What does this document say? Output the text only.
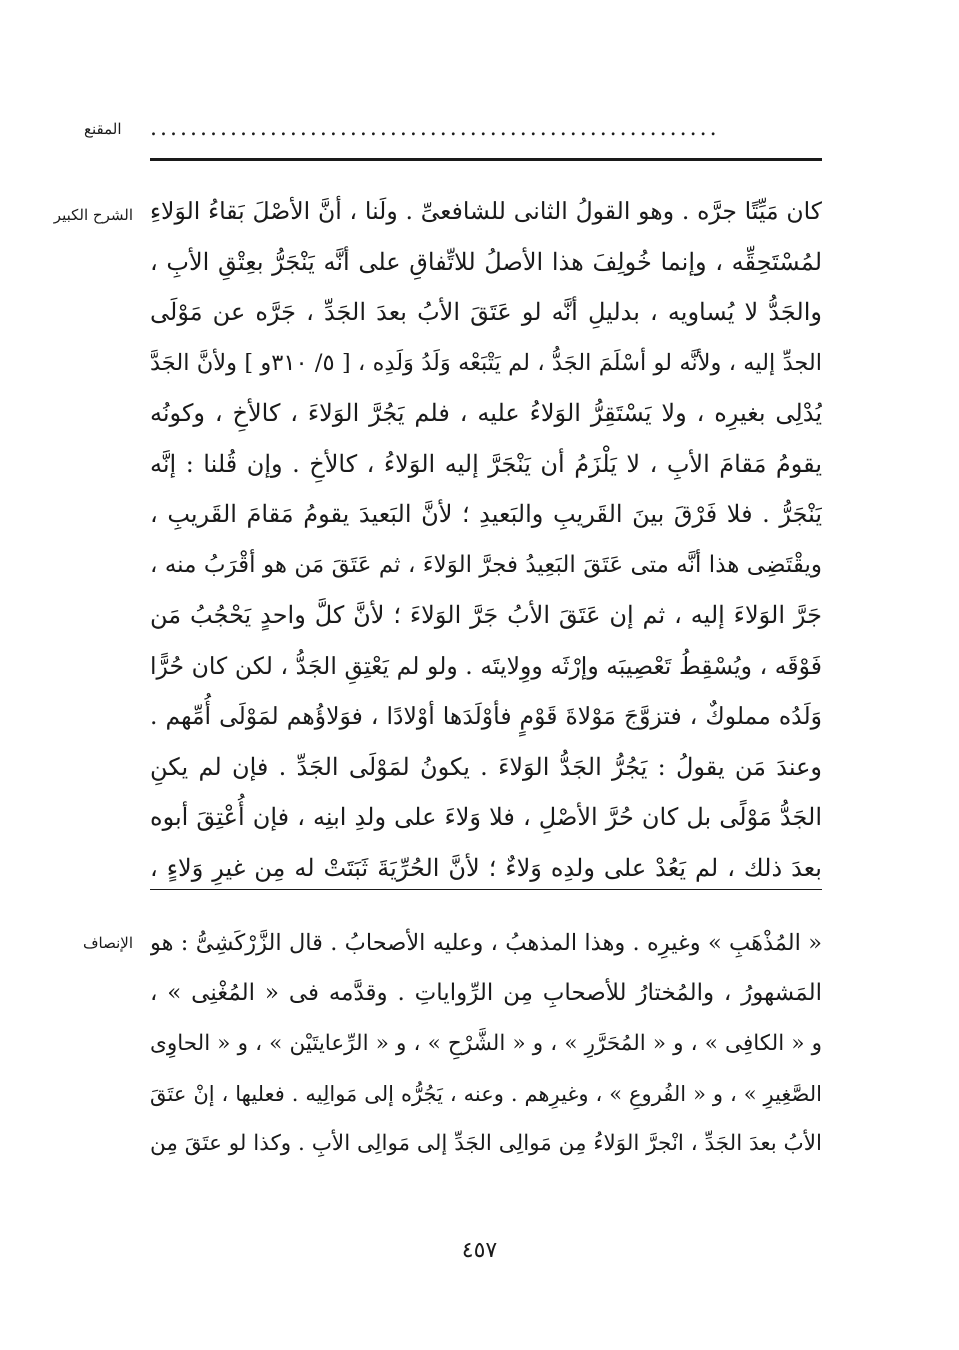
المقنع .........................................................
الشرح الكبير كان مَيِّتًا جرَّه . وهو القولُ الثانى للشافعىِّ . ولَنا ، أنَّ الأصْلَ بَقاءُ الوَلاءِ
لمُسْتَحِقِّه ، وإنما خُولِفَ هذا الأصلُ للاتِّفاقِ على أنَّه يَنْجَرُّ بعِتْقِ الأبِ ،
والجَدُّ لا يُساويه ، بدليلِ أنَّه لو عَتَقَ الأبُ بعدَ الجَدِّ ، جَرَّه عن مَوْلَى
الجدِّ إليه ، ولأنَّه لو أسْلَمَ الجَدُّ ، لم يَتْبَعْه وَلَدُ وَلَدِه ، [ ٥/ ٣١٠و ] ولأنَّ الجَدَّ
يُدْلِى بغيرِه ، ولا يَسْتَقِرُّ الوَلاءُ عليه ، فلم يَجُرَّ الوَلاءَ ، كالأخِ ، وكونُه
يقومُ مَقامَ الأبِ ، لا يَلْزَمُ أن يَنْجَرَّ إليه الوَلاءُ ، كالأخِ . وإن قُلنا : إنَّه
يَنْجَرُّ . فلا فَرْقَ بينَ القَريبِ والبَعيدِ ؛ لأنَّ البَعيدَ يقومُ مَقامَ القَريبِ ،
ويقْتَضِى هذا أنَّه متى عَتَقَ البَعِيدُ فجرَّ الوَلاءَ ، ثم عَتَقَ مَن هو أقْرَبُ منه ،
جَرَّ الوَلاءَ إليه ، ثم إن عَتَقَ الأبُ جَرَّ الوَلاءَ ؛ لأنَّ كلَّ واحدٍ يَحْجُبُ مَن
فَوْقَه ، ويُسْقِطُ تَعْصِيبَه وإرْثَه ووِلايتَه . ولو لم يَعْتِقِ الجَدُّ ، لكن كان حُرًّا
وَلَدُه مملوكٌ ، فتزوَّجَ مَوْلاةَ قَوْمٍ فأوْلَدَها أوْلادًا ، فوَلاؤُهم لمَوْلَى أُمِّهم .
وعندَ مَن يقولُ : يَجُرُّ الجَدُّ الوَلاءَ . يكونُ لمَوْلَى الجَدِّ . فإن لم يكنِ
الجَدُّ مَوْلًى بل كان حُرَّ الأصْلِ ، فلا وَلاءَ على ولدِ ابنِه ، فإن أُعْتِقَ أبوه
بعدَ ذلك ، لم يَعُدْ على ولدِه وَلاءٌ ؛ لأنَّ الحُرِّيَةَ ثَبَتَتْ له مِن غيرِ وَلاءٍ ،
الإنصاف « المُذْهَبِ » وغيرِه . وهذا المذهبُ ، وعليه الأصحابُ . قال الزَّرْكَشِىُّ : هو
المَشهورُ ، والمُختارُ للأصحابِ مِن الرِّواياتِ . وقدَّمه فى « المُغْنِى » ،
و « الكافِى » ، و « المُحَرَّرِ » ، و « الشَّرْحِ » ، و « الرِّعايتَيْن » ، و « الحاوِى
الصَّغِيرِ » ، و « الفُروعِ » ، وغيرِهم . وعنه ، يَجُرُّه إلى مَوالِيه . فعليها ، إنْ عتَقَ
الأبُ بعدَ الجَدِّ ، انْجرَّ الوَلاءُ مِن مَوالِى الجَدِّ إلى مَوالِى الأبِ . وكذا لو عتَقَ مِن
٤٥٧
